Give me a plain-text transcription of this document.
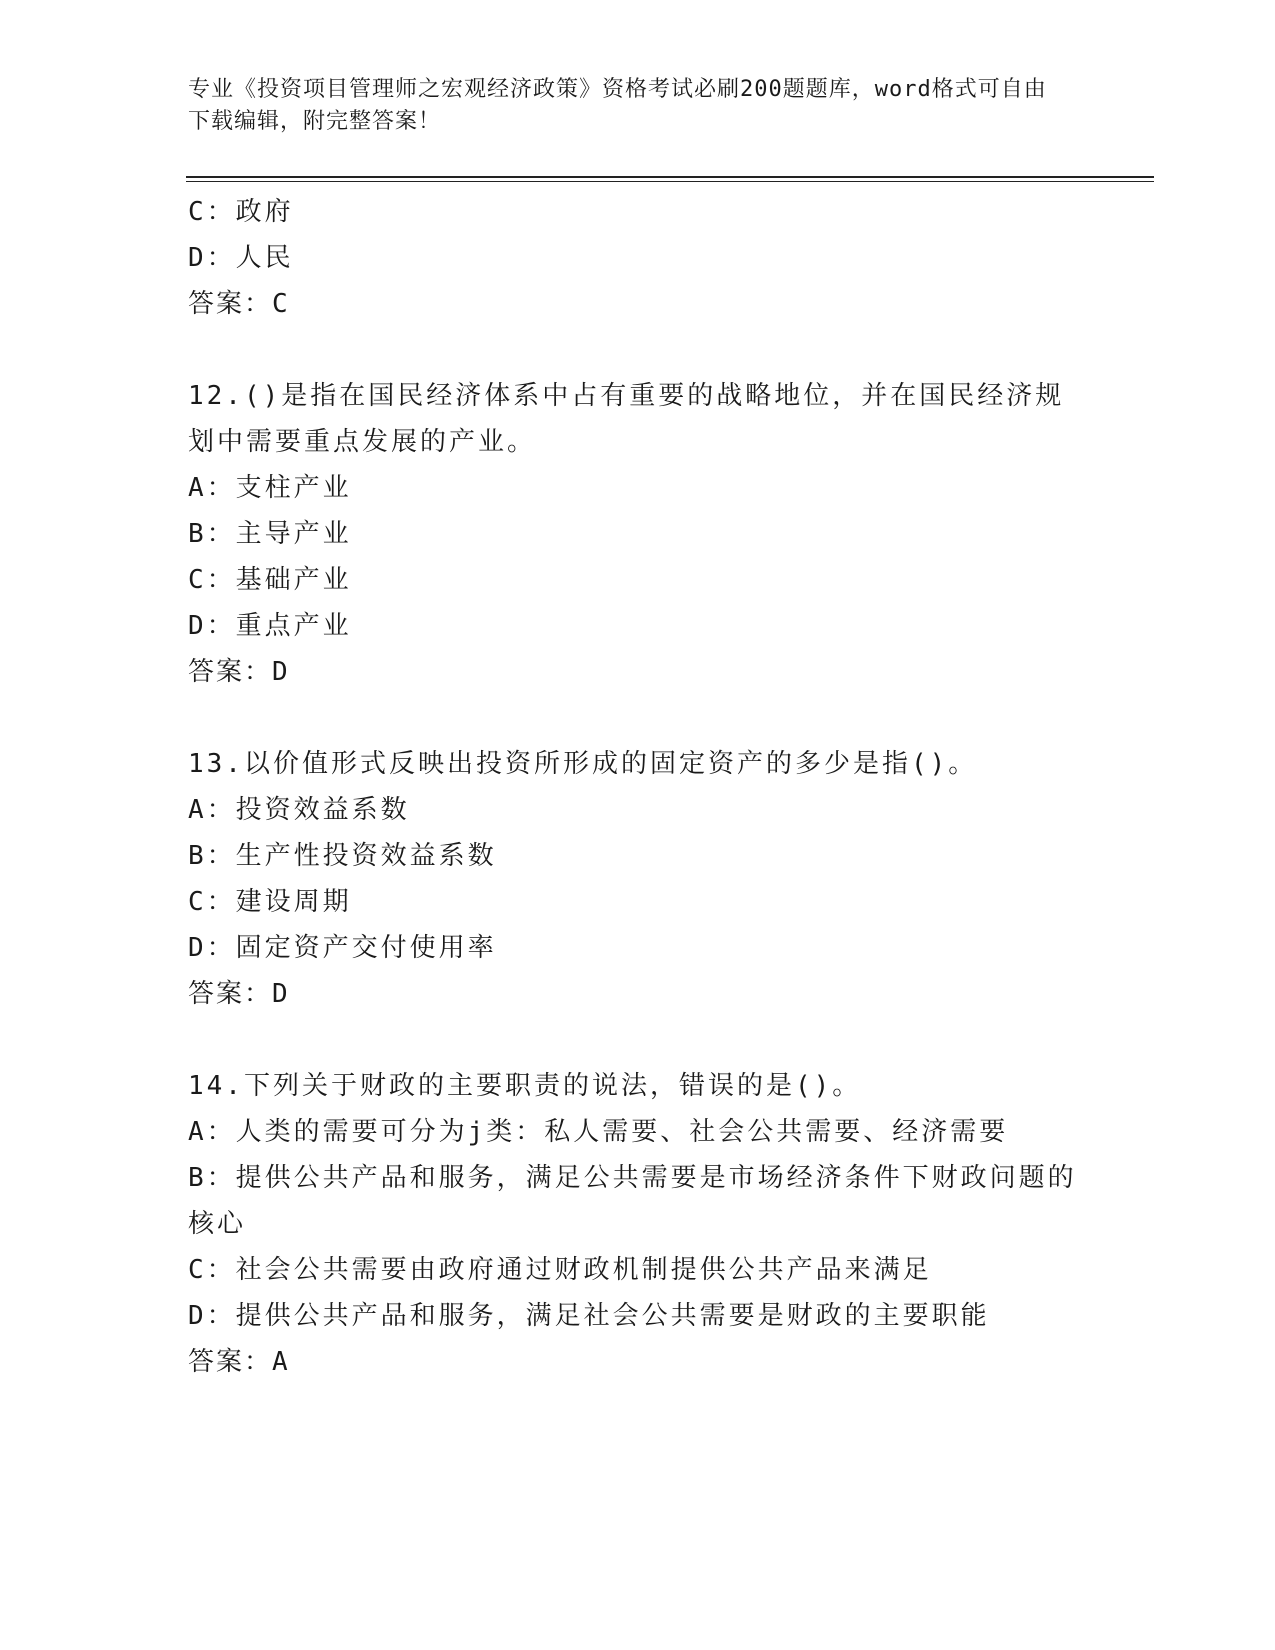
专业《投资项目管理师之宏观经济政策》资格考试必刷200题题库，word格式可自由下载编辑，附完整答案！
C：政府
D：人民
答案：C
12.()是指在国民经济体系中占有重要的战略地位，并在国民经济规划中需要重点发展的产业。
A：支柱产业
B：主导产业
C：基础产业
D：重点产业
答案：D
13.以价值形式反映出投资所形成的固定资产的多少是指()。
A：投资效益系数
B：生产性投资效益系数
C：建设周期
D：固定资产交付使用率
答案：D
14.下列关于财政的主要职责的说法，错误的是()。
A：人类的需要可分为j类：私人需要、社会公共需要、经济需要
B：提供公共产品和服务，满足公共需要是市场经济条件下财政问题的核心
C：社会公共需要由政府通过财政机制提供公共产品来满足
D：提供公共产品和服务，满足社会公共需要是财政的主要职能
答案：A
